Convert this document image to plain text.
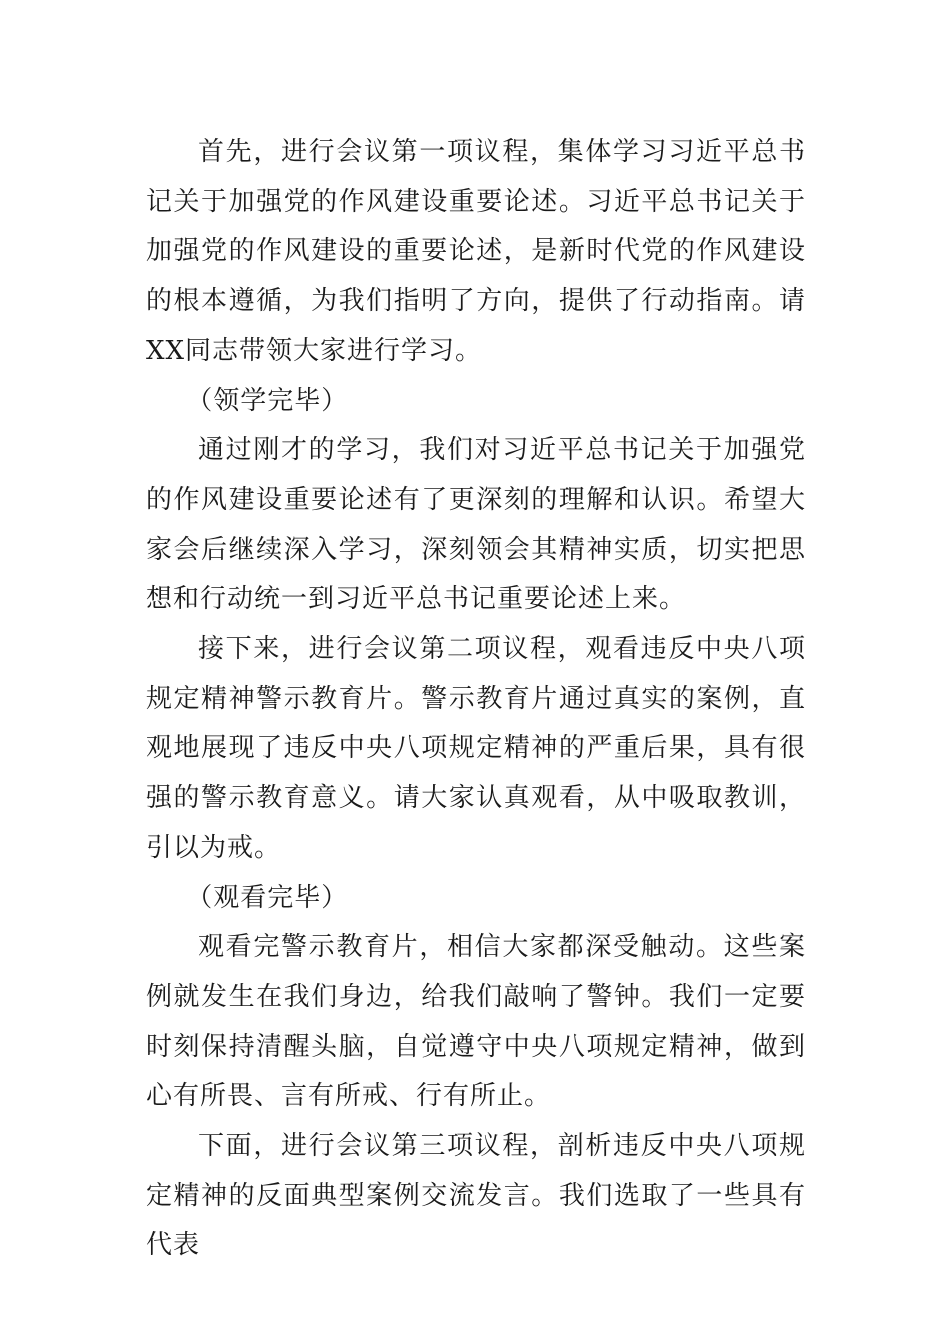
首先，进行会议第一项议程，集体学习习近平总书记关于加强党的作风建设重要论述。习近平总书记关于加强党的作风建设的重要论述，是新时代党的作风建设的根本遵循，为我们指明了方向，提供了行动指南。请XX同志带领大家进行学习。

（领学完毕）

通过刚才的学习，我们对习近平总书记关于加强党的作风建设重要论述有了更深刻的理解和认识。希望大家会后继续深入学习，深刻领会其精神实质，切实把思想和行动统一到习近平总书记重要论述上来。

接下来，进行会议第二项议程，观看违反中央八项规定精神警示教育片。警示教育片通过真实的案例，直观地展现了违反中央八项规定精神的严重后果，具有很强的警示教育意义。请大家认真观看，从中吸取教训，引以为戒。

（观看完毕）

观看完警示教育片，相信大家都深受触动。这些案例就发生在我们身边，给我们敲响了警钟。我们一定要时刻保持清醒头脑，自觉遵守中央八项规定精神，做到心有所畏、言有所戒、行有所止。

下面，进行会议第三项议程，剖析违反中央八项规定精神的反面典型案例交流发言。我们选取了一些具有代表
